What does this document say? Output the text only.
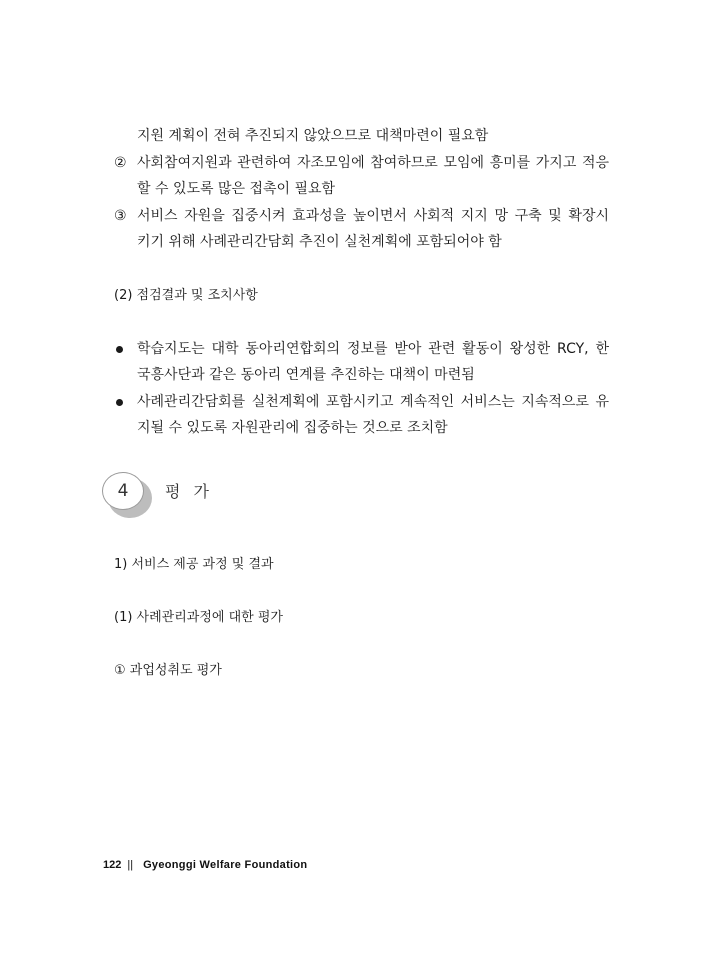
지원 계획이 전혀 추진되지 않았으므로 대책마련이 필요함
② 사회참여지원과 관련하여 자조모임에 참여하므로 모임에 흥미를 가지고 적응
할 수 있도록 많은 접촉이 필요함
③ 서비스 자원을 집중시켜 효과성을 높이면서 사회적 지지 망 구축 및 확장시
키기 위해 사례관리간담회 추진이 실천계획에 포함되어야 함
(2) 점검결과 및 조치사항
학습지도는 대학 동아리연합회의 정보를 받아 관련 활동이 왕성한 RCY, 한
국흥사단과 같은 동아리 연계를 추진하는 대책이 마련됨
사례관리간담회를 실천계획에 포함시키고 계속적인 서비스는 지속적으로 유
지될 수 있도록 자원관리에 집중하는 것으로 조치함
4	평 가
1) 서비스 제공 과정 및 결과
(1) 사례관리과정에 대한 평가
① 과업성취도 평가
122 || Gyeonggi Welfare Foundation
